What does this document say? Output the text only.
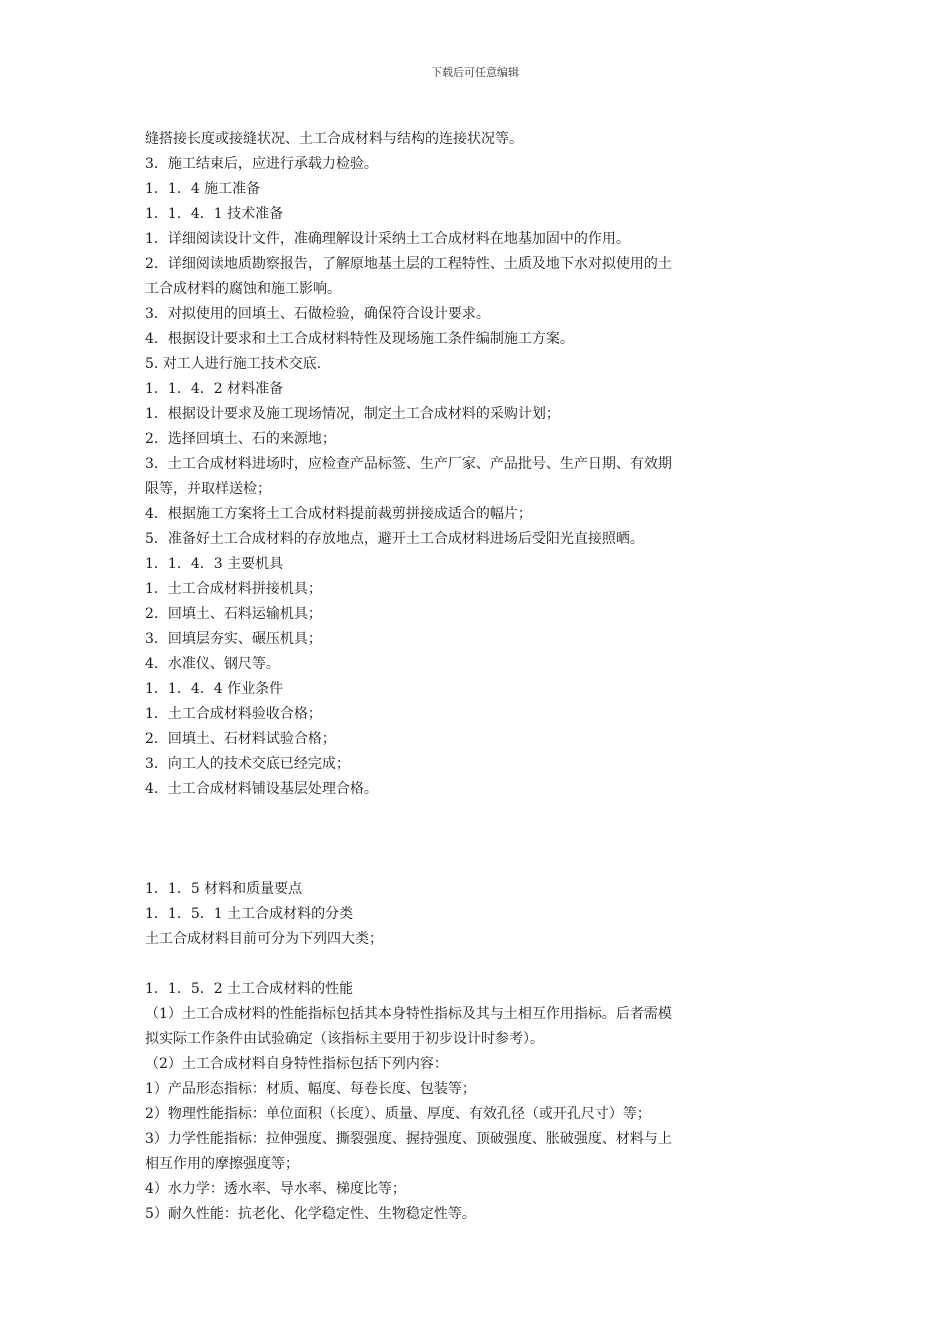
下载后可任意编辑
缝搭接长度或接缝状况、土工合成材料与结构的连接状况等。
3．施工结束后，应进行承载力检验。
1．1．4 施工准备
1．1．4．1 技术准备
1．详细阅读设计文件，准确理解设计采纳土工合成材料在地基加固中的作用。
2．详细阅读地质勘察报告，了解原地基土层的工程特性、土质及地下水对拟使用的土
工合成材料的腐蚀和施工影响。
3．对拟使用的回填土、石做检验，确保符合设计要求。
4．根据设计要求和土工合成材料特性及现场施工条件编制施工方案。
5. 对工人进行施工技术交底.
1．1．4．2 材料准备
1．根据设计要求及施工现场情况，制定土工合成材料的采购计划；
2．选择回填土、石的来源地；
3．土工合成材料进场时，应检查产品标签、生产厂家、产品批号、生产日期、有效期
限等，并取样送检；
4．根据施工方案将土工合成材料提前裁剪拼接成适合的幅片；
5．准备好土工合成材料的存放地点，避开土工合成材料进场后受阳光直接照晒。
1．1．4．3 主要机具
1．土工合成材料拼接机具；
2．回填土、石料运输机具；
3．回填层夯实、碾压机具；
4．水准仪、钢尺等。
1．1．4．4 作业条件
1．土工合成材料验收合格；
2．回填土、石材料试验合格；
3．向工人的技术交底已经完成；
4．土工合成材料铺设基层处理合格。
1．1．5 材料和质量要点
1．1．5．1 土工合成材料的分类
土工合成材料目前可分为下列四大类；
1．1．5．2 土工合成材料的性能
（1）土工合成材料的性能指标包括其本身特性指标及其与土相互作用指标。后者需模
拟实际工作条件由试验确定（该指标主要用于初步设计时参考）。
（2）土工合成材料自身特性指标包括下列内容：
1）产品形态指标：材质、幅度、每卷长度、包装等；
2）物理性能指标：单位面积（长度）、质量、厚度、有效孔径（或开孔尺寸）等；
3）力学性能指标：拉伸强度、撕裂强度、握持强度、顶破强度、胀破强度、材料与上
相互作用的摩擦强度等；
4）水力学：透水率、导水率、梯度比等；
5）耐久性能：抗老化、化学稳定性、生物稳定性等。
